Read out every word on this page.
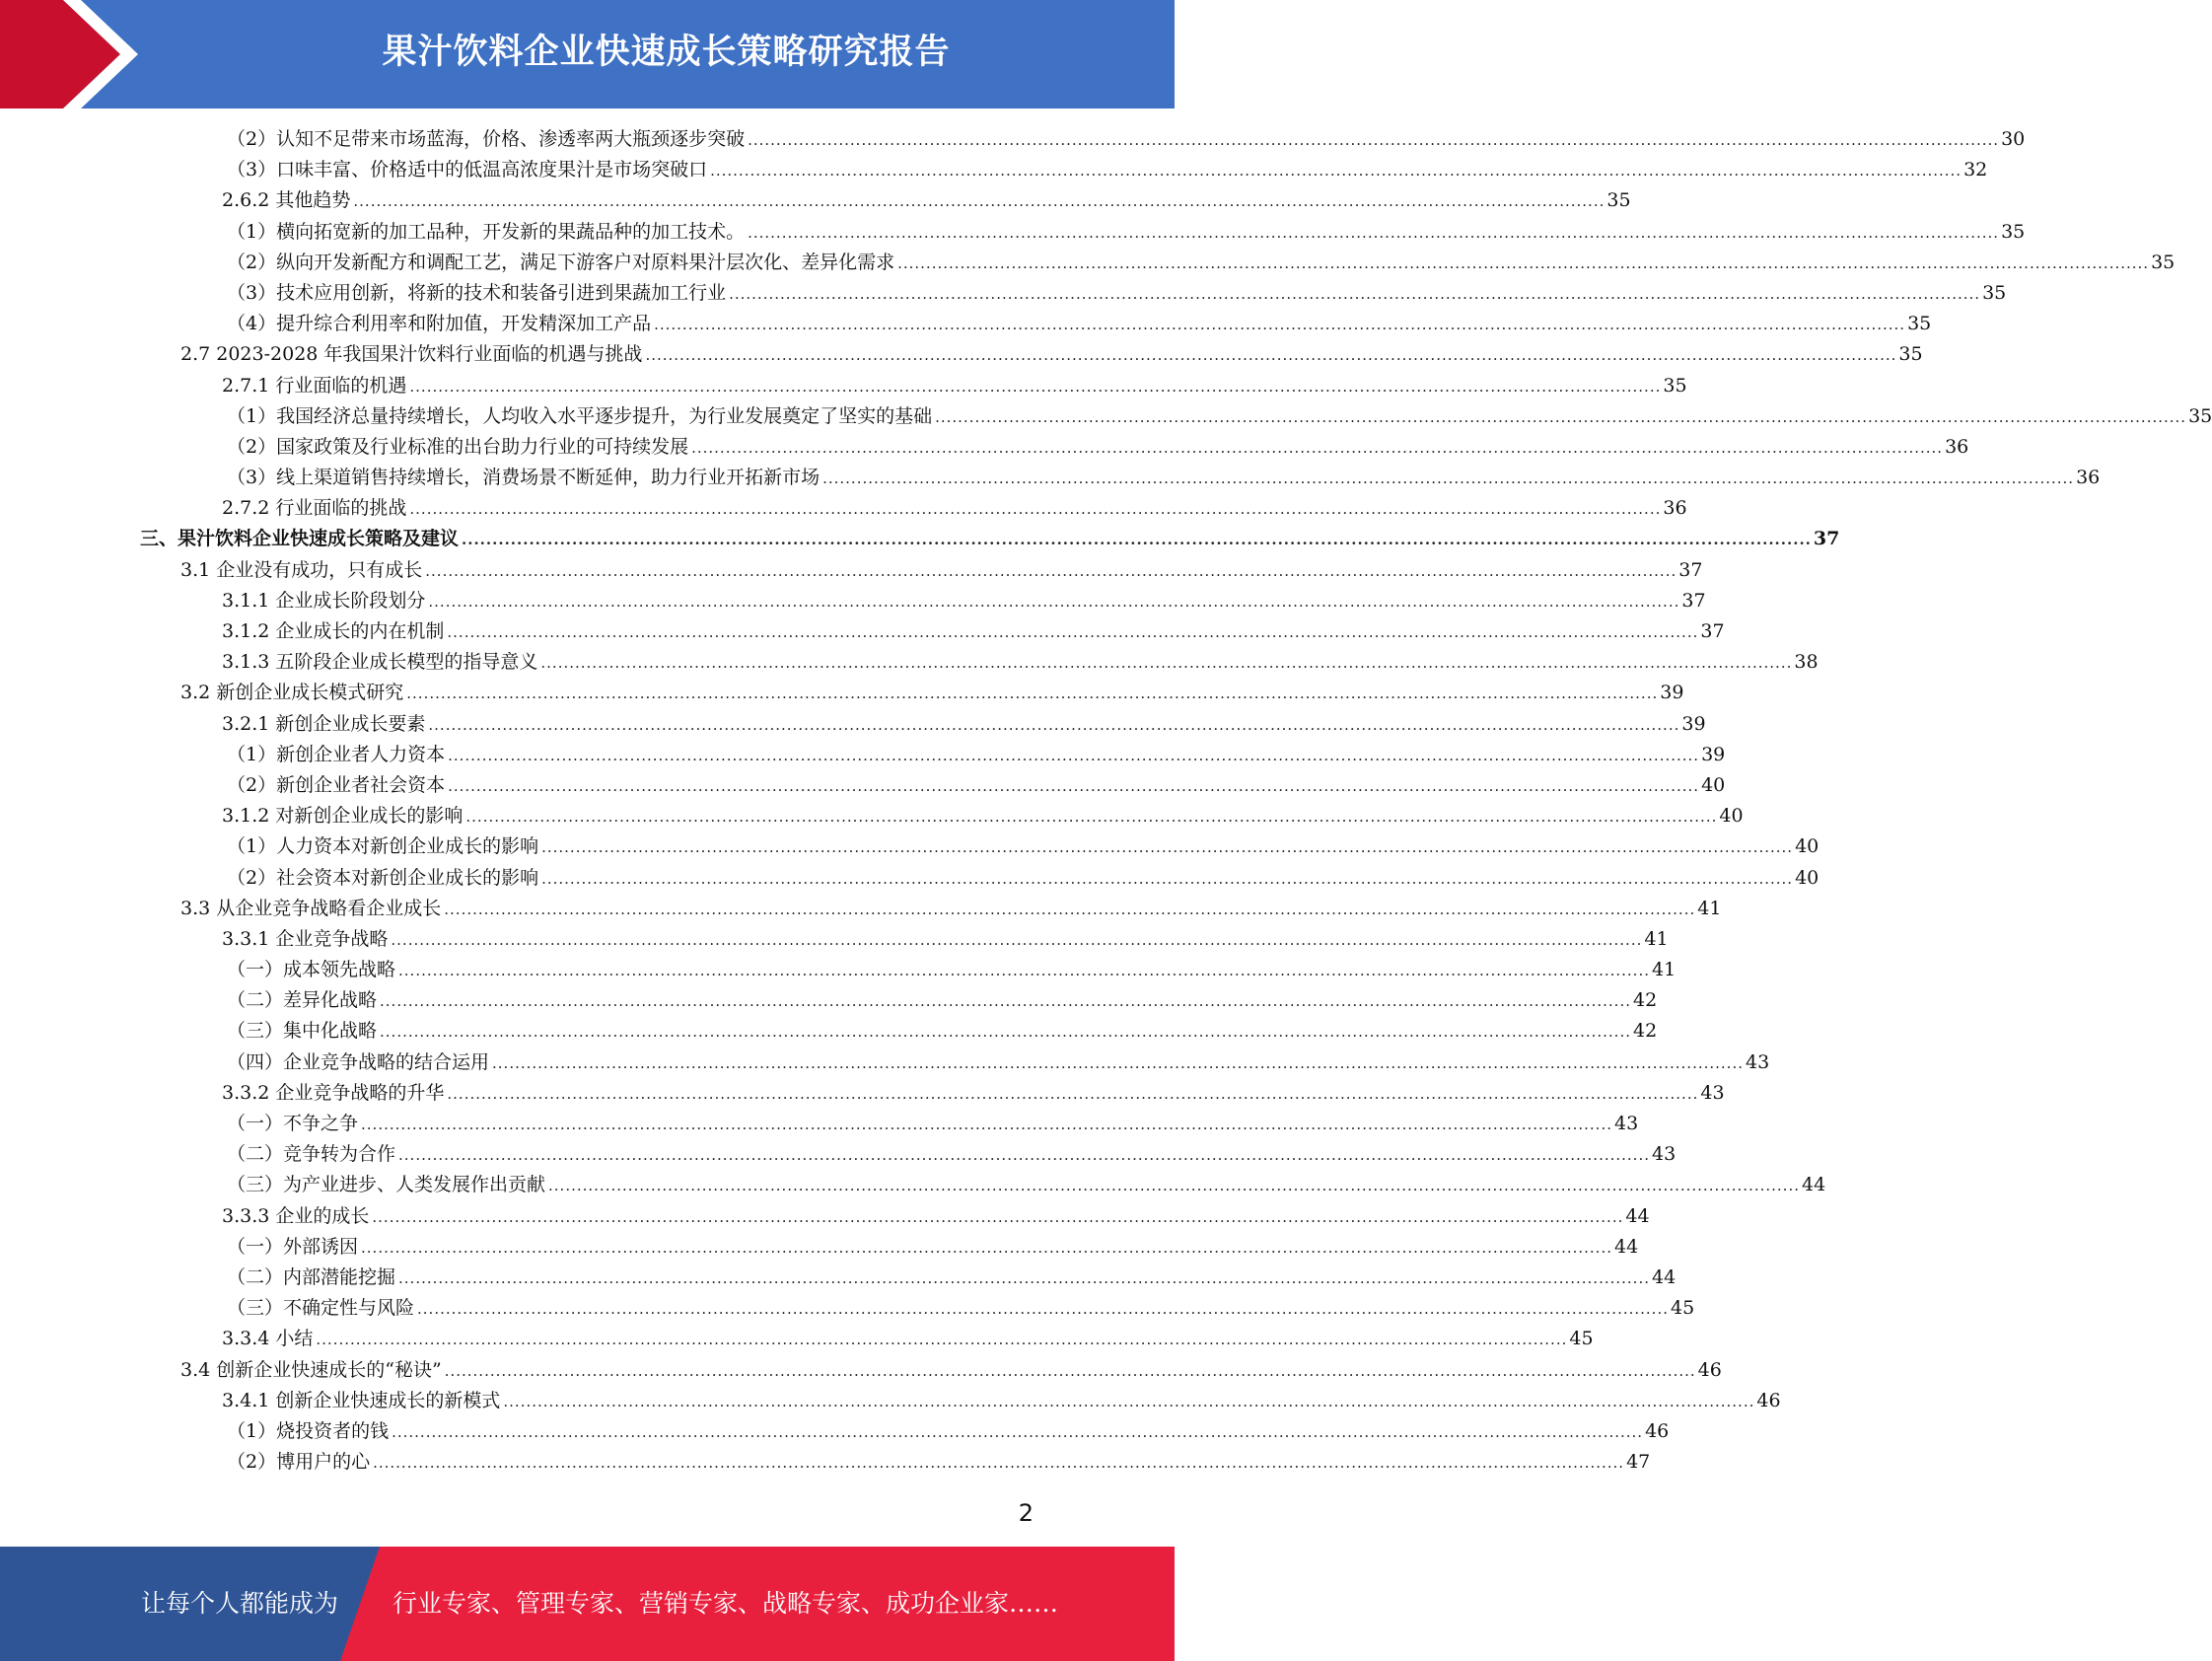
果汁饮料企业快速成长策略研究报告
（2）认知不足带来市场蓝海，价格、渗透率两大瓶颈逐步突破 ............................................................................................................................................................................................................................ 30
（3）口味丰富、价格适中的低温高浓度果汁是市场突破口 ............................................................................................................................................................................................................................ 32
2.6.2 其他趋势 ............................................................................................................................................................................................................................ 35
（1）横向拓宽新的加工品种，开发新的果蔬品种的加工技术。 ............................................................................................................................................................................................................................ 35
（2）纵向开发新配方和调配工艺，满足下游客户对原料果汁层次化、差异化需求 ............................................................................................................................................................................................................................ 35
（3）技术应用创新，将新的技术和装备引进到果蔬加工行业 ............................................................................................................................................................................................................................ 35
（4）提升综合利用率和附加值，开发精深加工产品 ............................................................................................................................................................................................................................ 35
2.7 2023-2028 年我国果汁饮料行业面临的机遇与挑战 ............................................................................................................................................................................................................................ 35
2.7.1 行业面临的机遇 ............................................................................................................................................................................................................................ 35
（1）我国经济总量持续增长，人均收入水平逐步提升，为行业发展奠定了坚实的基础 ............................................................................................................................................................................................................................ 35
（2）国家政策及行业标准的出台助力行业的可持续发展 ............................................................................................................................................................................................................................ 36
（3）线上渠道销售持续增长，消费场景不断延伸，助力行业开拓新市场 ............................................................................................................................................................................................................................ 36
2.7.2 行业面临的挑战 ............................................................................................................................................................................................................................ 36
三、果汁饮料企业快速成长策略及建议 ............................................................................................................................................................................................................................ 37
3.1 企业没有成功，只有成长 ............................................................................................................................................................................................................................ 37
3.1.1 企业成长阶段划分 ............................................................................................................................................................................................................................ 37
3.1.2 企业成长的内在机制 ............................................................................................................................................................................................................................ 37
3.1.3 五阶段企业成长模型的指导意义 ............................................................................................................................................................................................................................ 38
3.2 新创企业成长模式研究 ............................................................................................................................................................................................................................ 39
3.2.1 新创企业成长要素 ............................................................................................................................................................................................................................ 39
（1）新创企业者人力资本 ............................................................................................................................................................................................................................ 39
（2）新创企业者社会资本 ............................................................................................................................................................................................................................ 40
3.1.2 对新创企业成长的影响 ............................................................................................................................................................................................................................ 40
（1）人力资本对新创企业成长的影响 ............................................................................................................................................................................................................................ 40
（2）社会资本对新创企业成长的影响 ............................................................................................................................................................................................................................ 40
3.3 从企业竞争战略看企业成长 ............................................................................................................................................................................................................................ 41
3.3.1 企业竞争战略 ............................................................................................................................................................................................................................ 41
（一）成本领先战略 ............................................................................................................................................................................................................................ 41
（二）差异化战略 ............................................................................................................................................................................................................................ 42
（三）集中化战略 ............................................................................................................................................................................................................................ 42
（四）企业竞争战略的结合运用 ............................................................................................................................................................................................................................ 43
3.3.2 企业竞争战略的升华 ............................................................................................................................................................................................................................ 43
（一）不争之争 ............................................................................................................................................................................................................................ 43
（二）竞争转为合作 ............................................................................................................................................................................................................................ 43
（三）为产业进步、人类发展作出贡献 ............................................................................................................................................................................................................................ 44
3.3.3 企业的成长 ............................................................................................................................................................................................................................ 44
（一）外部诱因 ............................................................................................................................................................................................................................ 44
（二）内部潜能挖掘 ............................................................................................................................................................................................................................ 44
（三）不确定性与风险 ............................................................................................................................................................................................................................ 45
3.3.4 小结 ............................................................................................................................................................................................................................ 45
3.4 创新企业快速成长的“秘诀” ............................................................................................................................................................................................................................ 46
3.4.1 创新企业快速成长的新模式 ............................................................................................................................................................................................................................ 46
（1）烧投资者的钱 ............................................................................................................................................................................................................................ 46
（2）博用户的心 ............................................................................................................................................................................................................................ 47
2
让每个人都能成为 行业专家、管理专家、营销专家、战略专家、成功企业家……
